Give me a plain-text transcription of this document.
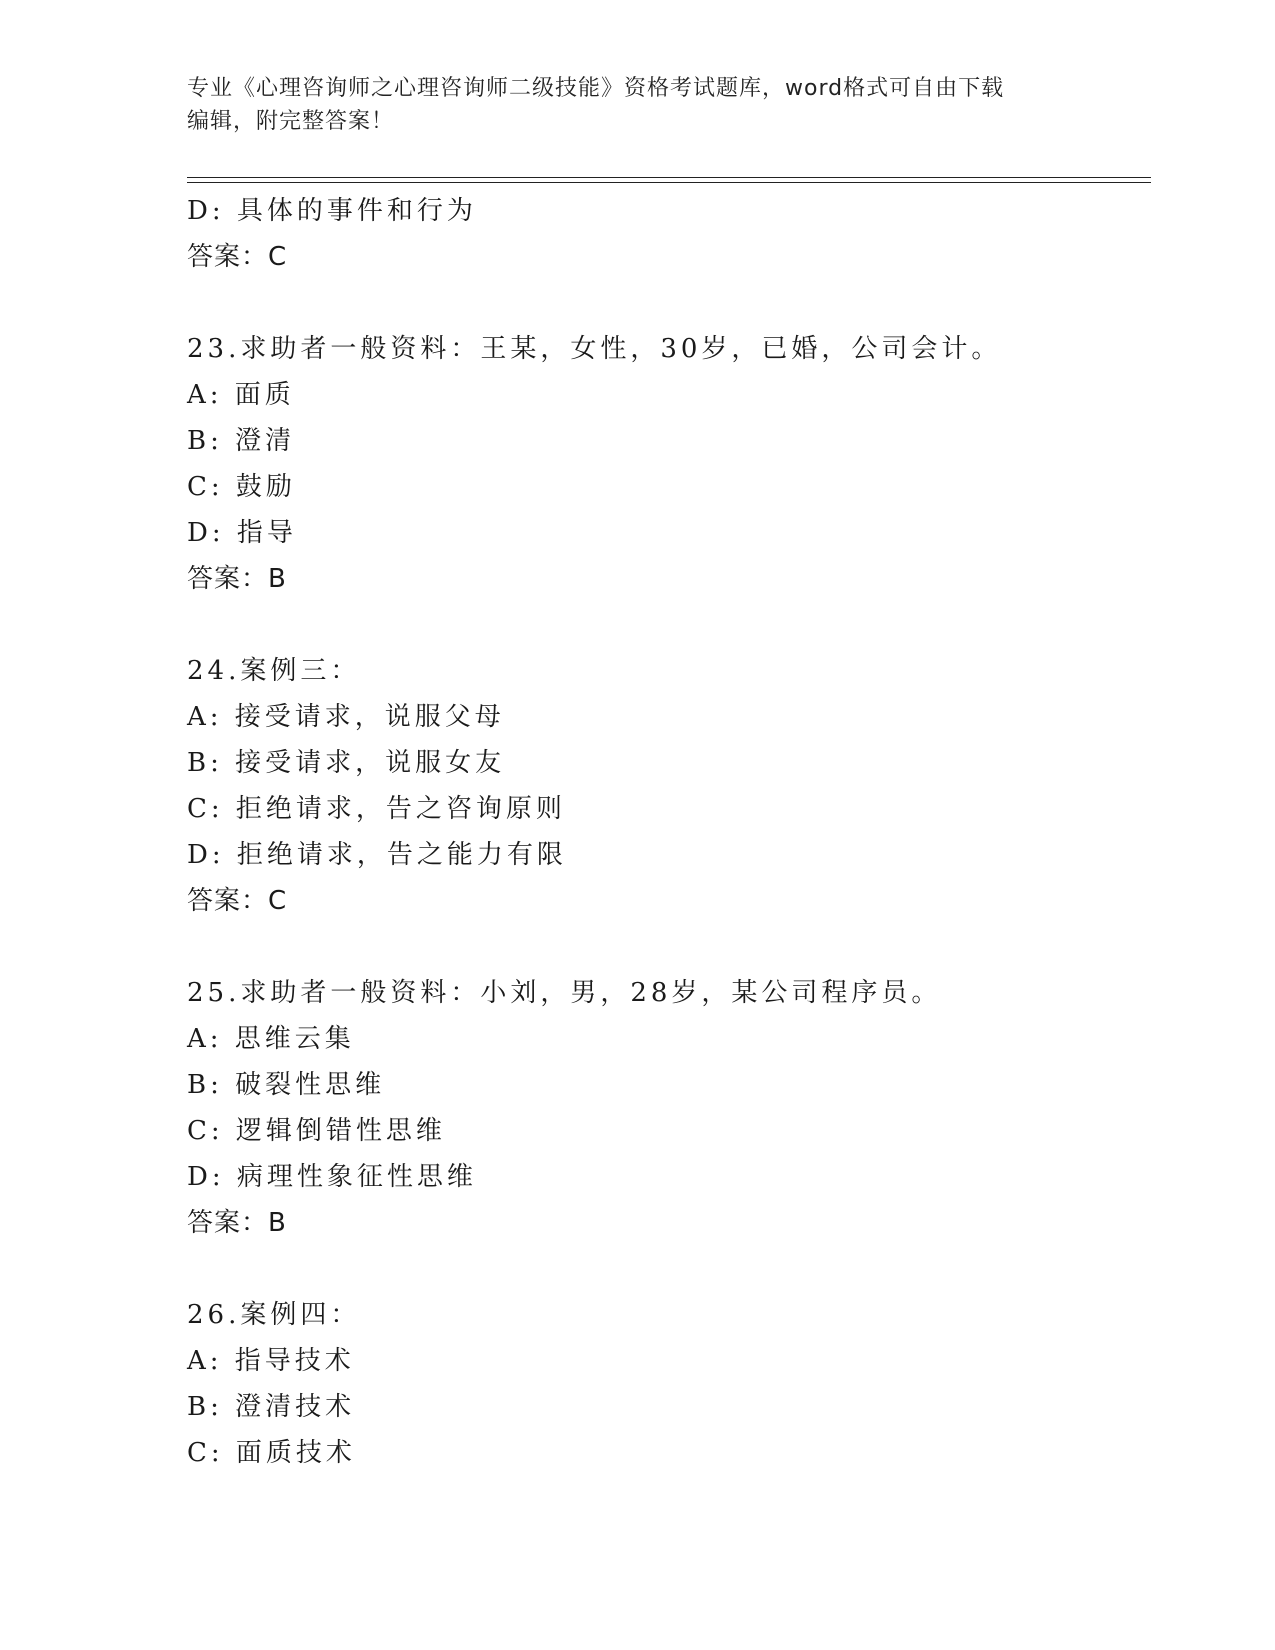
专业《心理咨询师之心理咨询师二级技能》资格考试题库，word格式可自由下载
编辑，附完整答案！
D: 具体的事件和行为
答案：C
23.求助者一般资料：王某，女性，30岁，已婚，公司会计。
A: 面质
B: 澄清
C: 鼓励
D: 指导
答案：B
24.案例三：
A: 接受请求，说服父母
B: 接受请求，说服女友
C: 拒绝请求，告之咨询原则
D: 拒绝请求，告之能力有限
答案：C
25.求助者一般资料：小刘，男，28岁，某公司程序员。
A: 思维云集
B: 破裂性思维
C: 逻辑倒错性思维
D: 病理性象征性思维
答案：B
26.案例四：
A: 指导技术
B: 澄清技术
C: 面质技术
